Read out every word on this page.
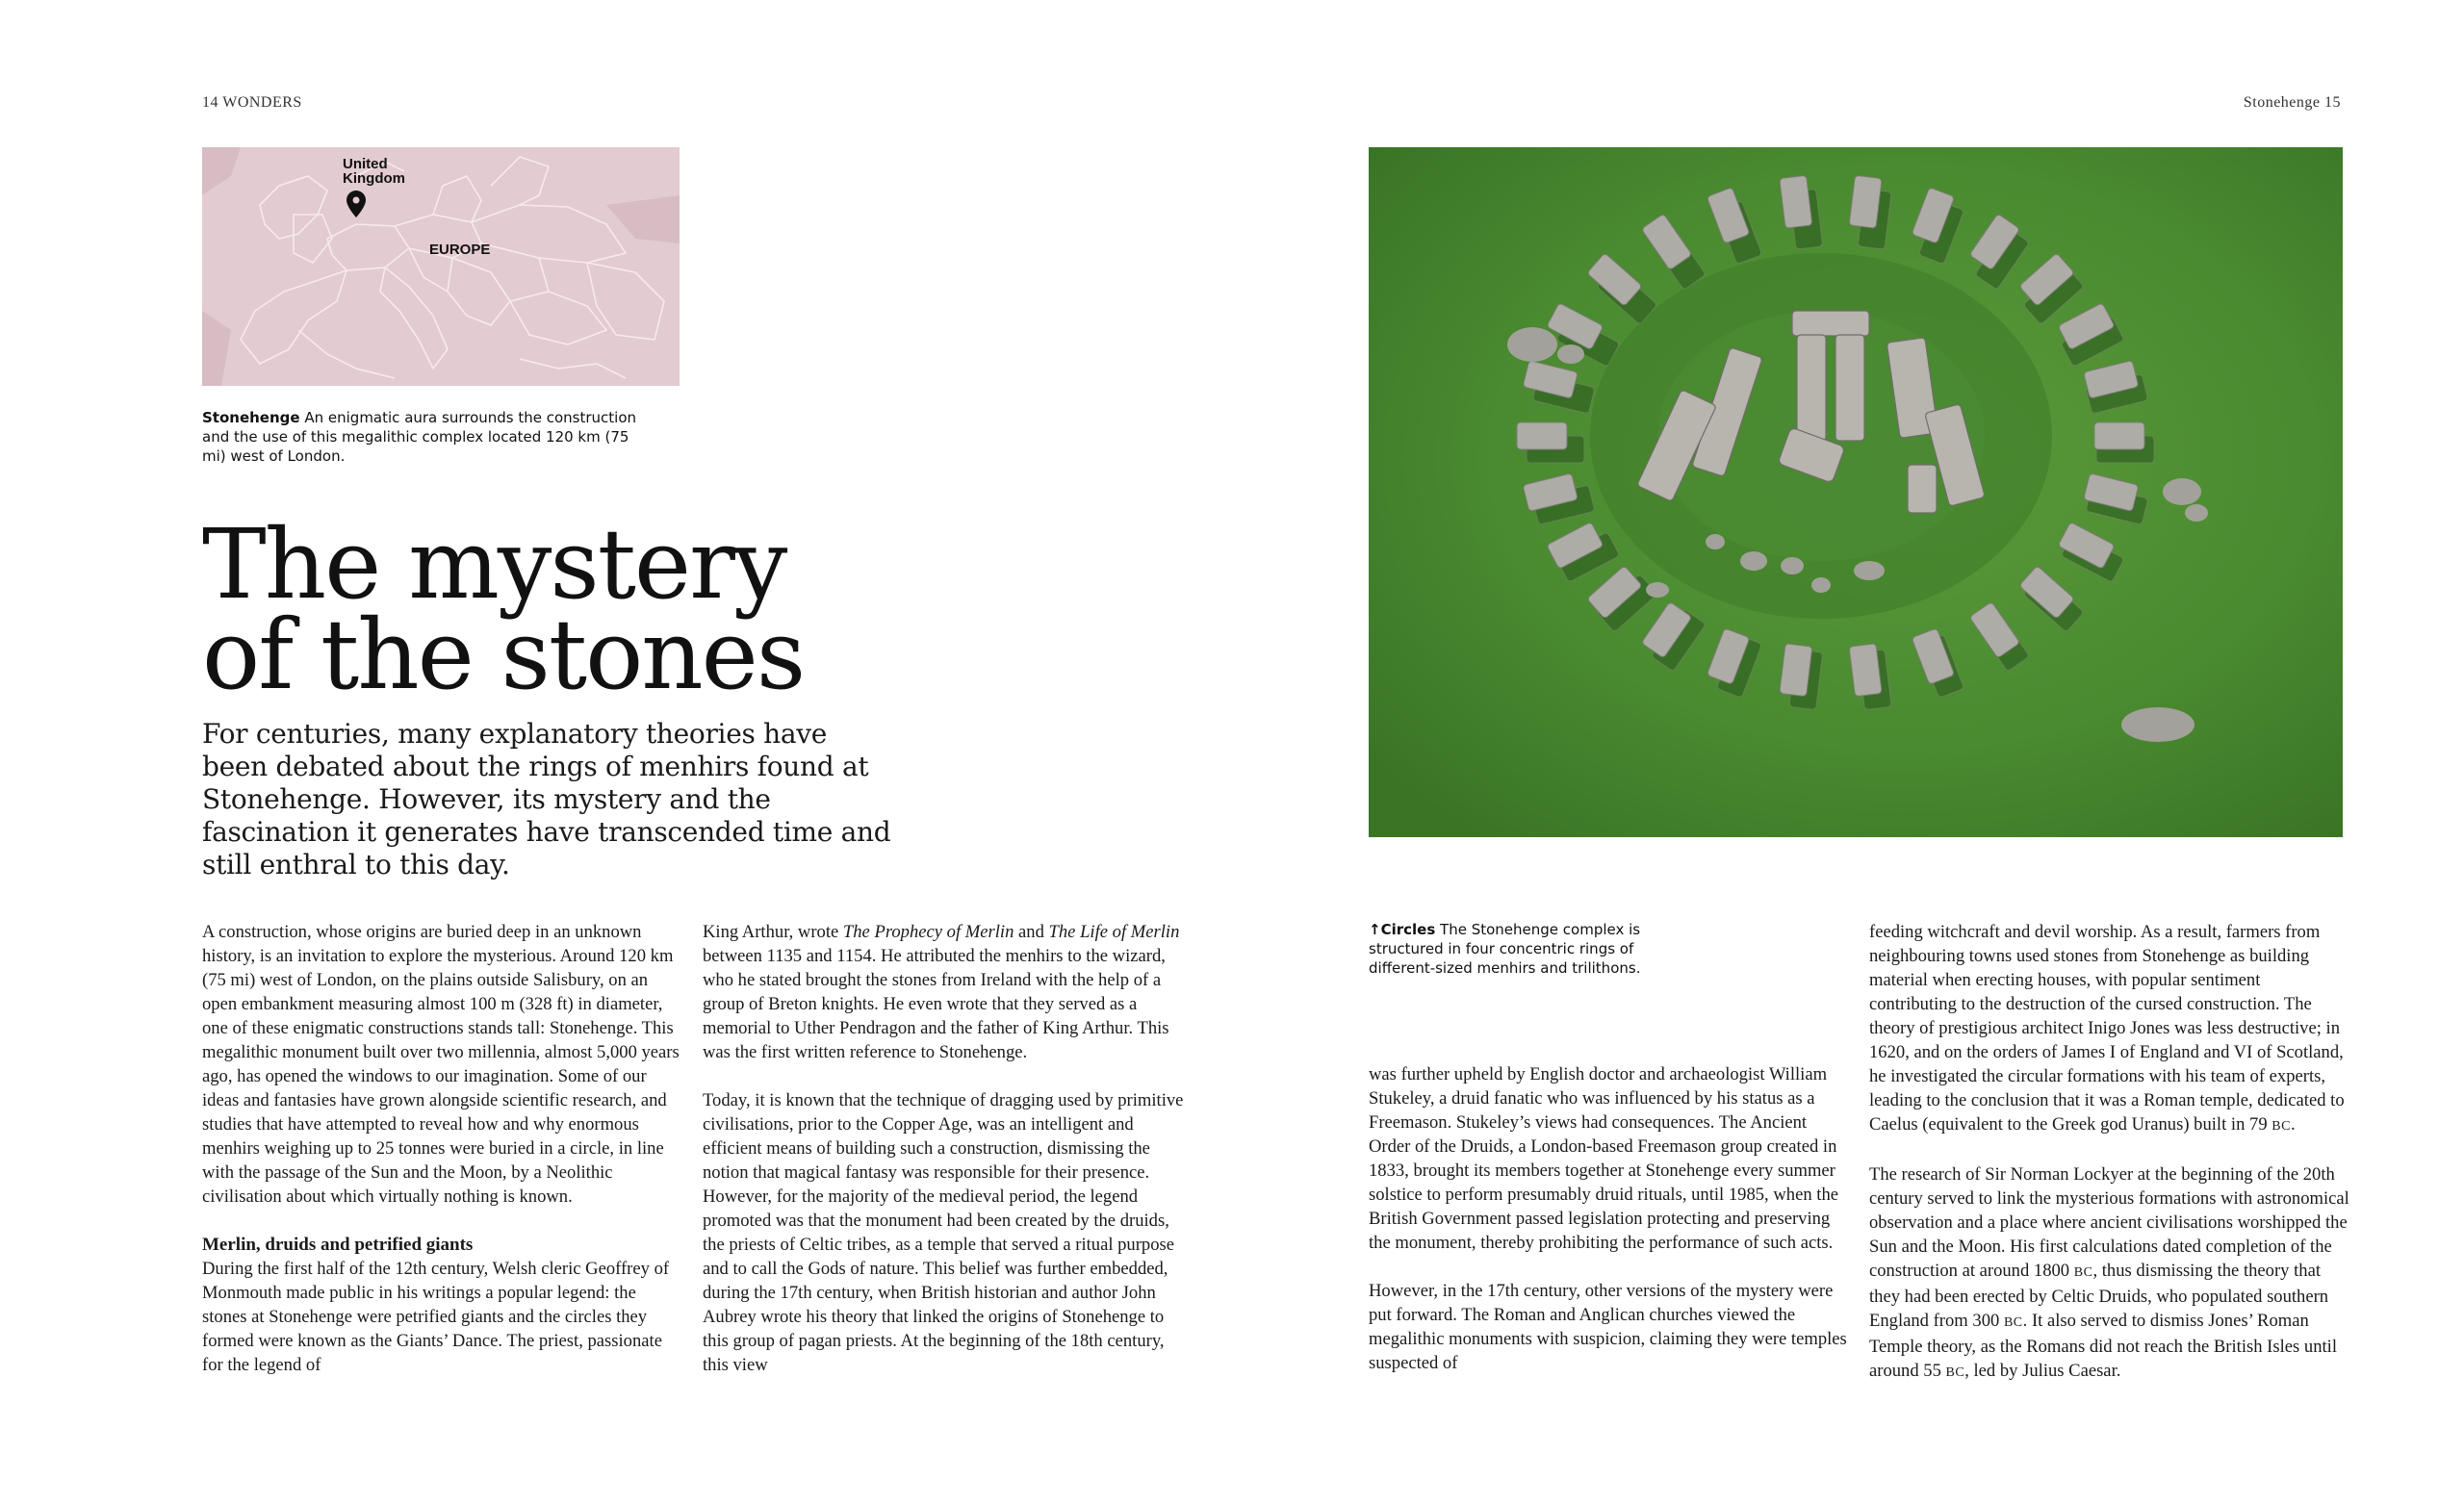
14 WONDERS	Stonehenge 15
United Kingdom
EUROPE
Stonehenge An enigmatic aura surrounds the construction and the use of this megalithic complex located 120 km (75 mi) west of London.
The mystery
of the stones
For centuries, many explanatory theories have been debated about the rings of menhirs found at Stonehenge. However, its mystery and the fascination it generates have transcended time and still enthral to this day.

A construction, whose origins are buried deep in an unknown history, is an invitation to explore the mysterious. Around 120 km (75 mi) west of London, on the plains outside Salisbury, on an open embankment measuring almost 100 m (328 ft) in diameter, one of these enigmatic constructions stands tall: Stonehenge. This megalithic monument built over two millennia, almost 5,000 years ago, has opened the windows to our imagination. Some of our ideas and fantasies have grown alongside scientific research, and studies that have attempted to reveal how and why enormous menhirs weighing up to 25 tonnes were buried in a circle, in line with the passage of the Sun and the Moon, by a Neolithic civilisation about which virtually nothing is known.

Merlin, druids and petrified giants

During the first half of the 12th century, Welsh cleric Geoffrey of Monmouth made public in his writings a popular legend: the stones at Stonehenge were petrified giants and the circles they formed were known as the Giants’ Dance. The priest, passionate for the legend of

King Arthur, wrote The Prophecy of Merlin and The Life of Merlin between 1135 and 1154. He attributed the menhirs to the wizard, who he stated brought the stones from Ireland with the help of a group of Breton knights. He even wrote that they served as a memorial to Uther Pendragon and the father of King Arthur. This was the first written reference to Stonehenge.

Today, it is known that the technique of dragging used by primitive civilisations, prior to the Copper Age, was an intelligent and efficient means of building such a construction, dismissing the notion that magical fantasy was responsible for their presence. However, for the majority of the medieval period, the legend promoted was that the monument had been created by the druids, the priests of Celtic tribes, as a temple that served a ritual purpose and to call the Gods of nature. This belief was further embedded, during the 17th century, when British historian and author John Aubrey wrote his theory that linked the origins of Stonehenge to this group of pagan priests. At the beginning of the 18th century, this view

↑Circles The Stonehenge complex is structured in four concentric rings of different-sized menhirs and trilithons.

was further upheld by English doctor and archaeologist William Stukeley, a druid fanatic who was influenced by his status as a Freemason. Stukeley’s views had consequences. The Ancient Order of the Druids, a London-based Freemason group created in 1833, brought its members together at Stonehenge every summer solstice to perform presumably druid rituals, until 1985, when the British Government passed legislation protecting and preserving the monument, thereby prohibiting the performance of such acts.

However, in the 17th century, other versions of the mystery were put forward. The Roman and Anglican churches viewed the megalithic monuments with suspicion, claiming they were temples suspected of

feeding witchcraft and devil worship. As a result, farmers from neighbouring towns used stones from Stonehenge as building material when erecting houses, with popular sentiment contributing to the destruction of the cursed construction. The theory of prestigious architect Inigo Jones was less destructive; in 1620, and on the orders of James I of England and VI of Scotland, he investigated the circular formations with his team of experts, leading to the conclusion that it was a Roman temple, dedicated to Caelus (equivalent to the Greek god Uranus) built in 79 BC.

The research of Sir Norman Lockyer at the beginning of the 20th century served to link the mysterious formations with astronomical observation and a place where ancient civilisations worshipped the Sun and the Moon. His first calculations dated completion of the construction at around 1800 BC, thus dismissing the theory that they had been erected by Celtic Druids, who populated southern England from 300 BC. It also served to dismiss Jones’ Roman Temple theory, as the Romans did not reach the British Isles until around 55 BC, led by Julius Caesar.
